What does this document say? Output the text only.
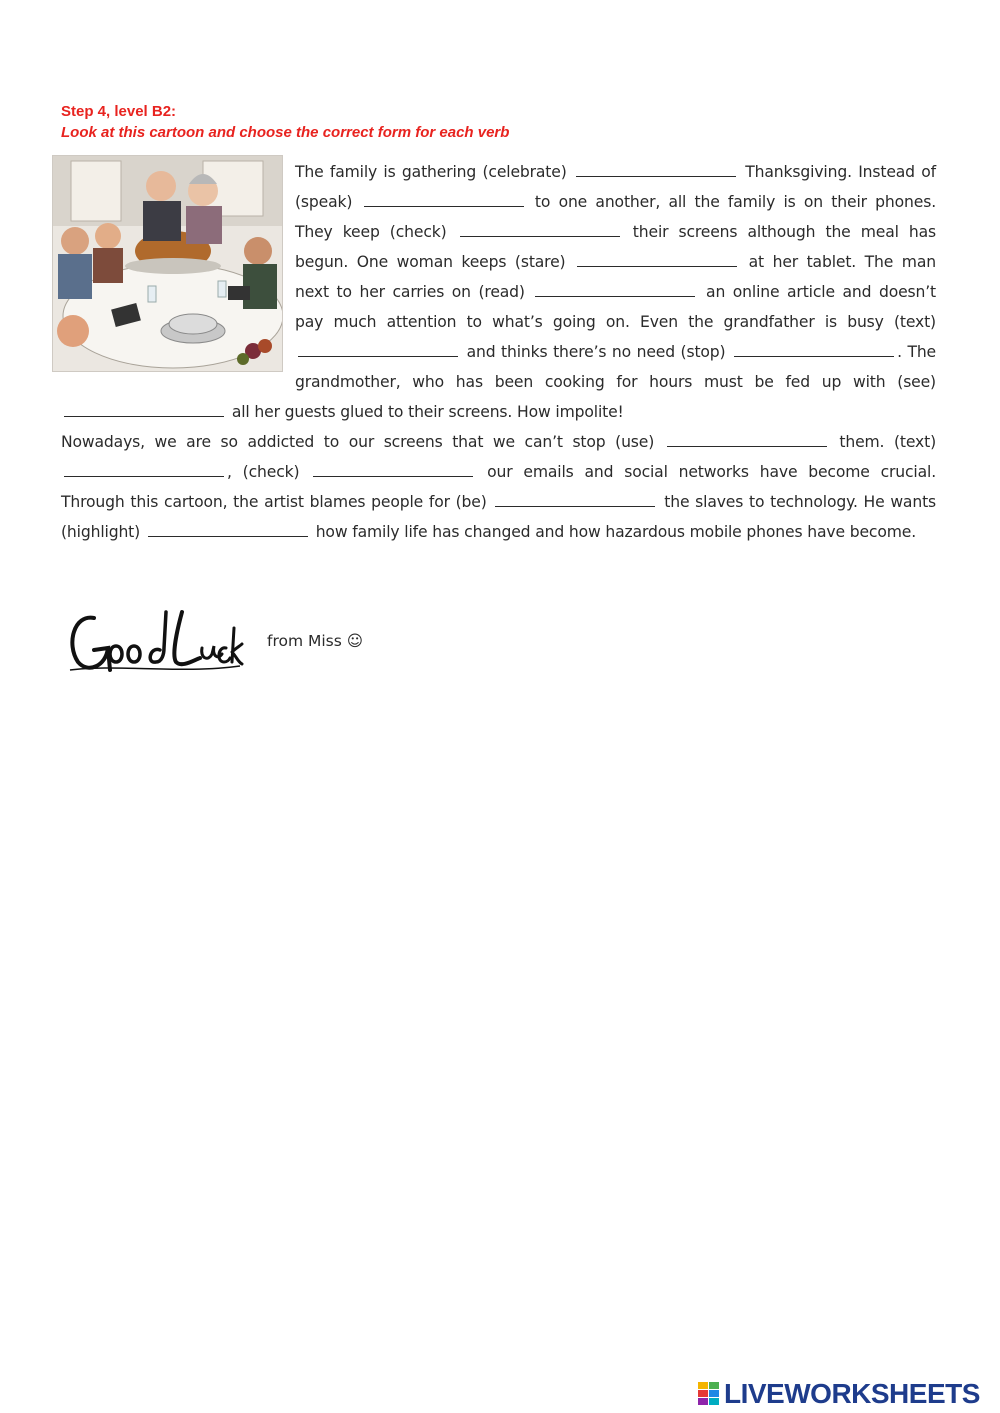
Step 4, level B2:
Look at this cartoon and choose the correct form for each verb

The family is gathering (celebrate)	Thanksgiving. Instead of (speak)	to one another, all the family is on their phones. They keep (check)	their screens although the meal has begun. One woman keeps (stare)	at her tablet. The man next to her carries on (read)	an online article and doesn’t pay much attention to what’s going on. Even the grandfather is busy (text)  and thinks there’s no need (stop)	. The grandmother, who has been cooking for hours must be fed up with (see)  all her guests glued to their screens. How impolite!

Nowadays, we are so addicted to our screens that we can’t stop (use)	them. (text) , (check)	our emails and social networks have become crucial. Through this cartoon, the artist blames people for (be)	the slaves to technology. He wants (highlight)	how family life has changed and how hazardous mobile phones have become.

from Miss ☺
LIVEWORKSHEETS
